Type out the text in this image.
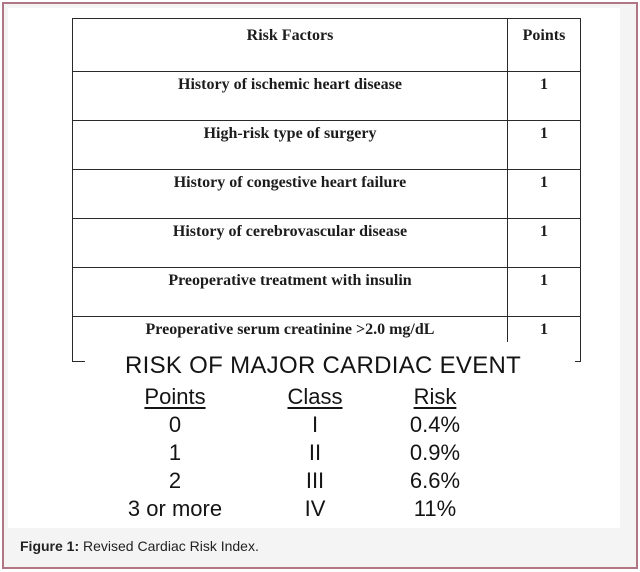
Risk Factors	Points
History of ischemic heart disease	1
High-risk type of surgery	1
History of congestive heart failure	1
History of cerebrovascular disease	1
Preoperative treatment with insulin	1
Preoperative serum creatinine >2.0 mg/dL	1
RISK OF MAJOR CARDIAC EVENT
Points	Class	Risk
0	I	0.4%
1	II	0.9%
2	III	6.6%
3 or more	IV	11%
Figure 1: Revised Cardiac Risk Index.
